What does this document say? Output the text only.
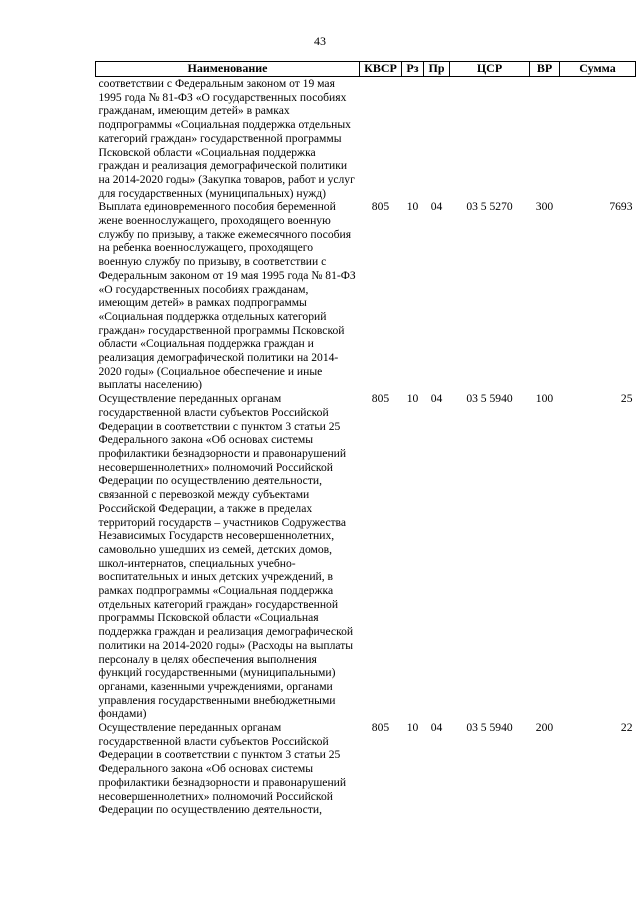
43
Наименование	КВСР	Рз	Пр	ЦСР	ВР	Сумма
соответствии с Федеральным законом от 19 мая 1995 года № 81-ФЗ «О государственных пособиях гражданам, имеющим детей» в рамках подпрограммы «Социальная поддержка отдельных категорий граждан» государственной программы Псковской области «Социальная поддержка граждан и реализация демографической политики на 2014-2020 годы» (Закупка товаров, работ и услуг для государственных (муниципальных) нужд)						
Выплата единовременного пособия беременной жене военнослужащего, проходящего военную службу по призыву, а также ежемесячного пособия на ребенка военнослужащего, проходящего военную службу по призыву, в соответствии с Федеральным законом от 19 мая 1995 года № 81-ФЗ «О государственных пособиях гражданам, имеющим детей» в рамках подпрограммы «Социальная поддержка отдельных категорий граждан» государственной программы Псковской области «Социальная поддержка граждан и реализация демографической политики на 2014-2020 годы» (Социальное обеспечение и иные выплаты населению)	805	10	04	03 5 5270	300	7693
Осуществление переданных органам государственной власти субъектов Российской Федерации в соответствии с пунктом 3 статьи 25 Федерального закона «Об основах системы профилактики безнадзорности и правонарушений несовершеннолетних» полномочий Российской Федерации по осуществлению деятельности, связанной с перевозкой между субъектами Российской Федерации, а также в пределах территорий государств – участников Содружества Независимых Государств несовершеннолетних, самовольно ушедших из семей, детских домов, школ-интернатов, специальных учебно-воспитательных и иных детских учреждений, в рамках подпрограммы «Социальная поддержка отдельных категорий граждан» государственной программы Псковской области «Социальная поддержка граждан и реализация демографической политики на 2014-2020 годы» (Расходы на выплаты персоналу в целях обеспечения выполнения функций государственными (муниципальными) органами, казенными учреждениями, органами управления государственными внебюджетными фондами)	805	10	04	03 5 5940	100	25
Осуществление переданных органам государственной власти субъектов Российской Федерации в соответствии с пунктом 3 статьи 25 Федерального закона «Об основах системы профилактики безнадзорности и правонарушений несовершеннолетних» полномочий Российской Федерации по осуществлению деятельности,	805	10	04	03 5 5940	200	22
